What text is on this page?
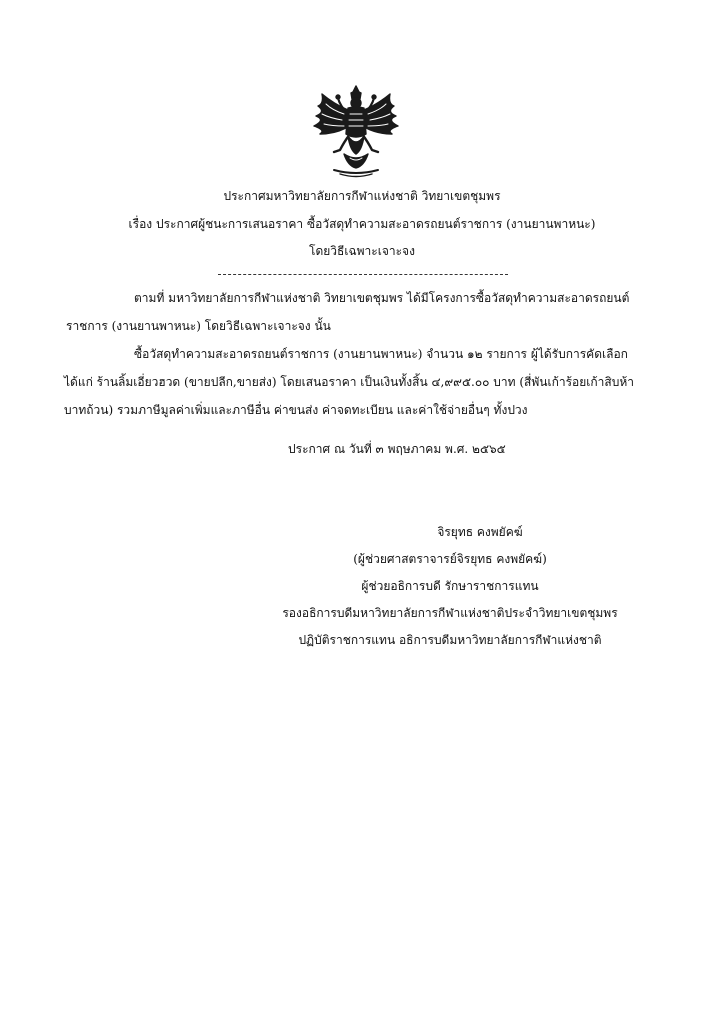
ประกาศมหาวิทยาลัยการกีฬาแห่งชาติ วิทยาเขตชุมพร
เรื่อง ประกาศผู้ชนะการเสนอราคา ซื้อวัสดุทำความสะอาดรถยนต์ราชการ (งานยานพาหนะ)
โดยวิธีเฉพาะเจาะจง
ตามที่ มหาวิทยาลัยการกีฬาแห่งชาติ วิทยาเขตชุมพร ได้มีโครงการซื้อวัสดุทำความสะอาดรถยนต์
ราชการ (งานยานพาหนะ) โดยวิธีเฉพาะเจาะจง นั้น
ซื้อวัสดุทำความสะอาดรถยนต์ราชการ (งานยานพาหนะ) จำนวน ๑๒ รายการ ผู้ได้รับการคัดเลือก
ได้แก่ ร้านลิ้มเอี่ยวฮวด (ขายปลีก,ขายส่ง) โดยเสนอราคา เป็นเงินทั้งสิ้น ๔,๙๙๕.๐๐ บาท (สี่พันเก้าร้อยเก้าสิบห้า
บาทถ้วน) รวมภาษีมูลค่าเพิ่มและภาษีอื่น ค่าขนส่ง ค่าจดทะเบียน และค่าใช้จ่ายอื่นๆ ทั้งปวง
ประกาศ ณ วันที่ ๓ พฤษภาคม พ.ศ. ๒๕๖๕
จิรยุทธ คงพยัคฆ์
(ผู้ช่วยศาสตราจารย์จิรยุทธ คงพยัคฆ์)
ผู้ช่วยอธิการบดี รักษาราชการแทน
รองอธิการบดีมหาวิทยาลัยการกีฬาแห่งชาติประจำวิทยาเขตชุมพร
ปฏิบัติราชการแทน อธิการบดีมหาวิทยาลัยการกีฬาแห่งชาติ
